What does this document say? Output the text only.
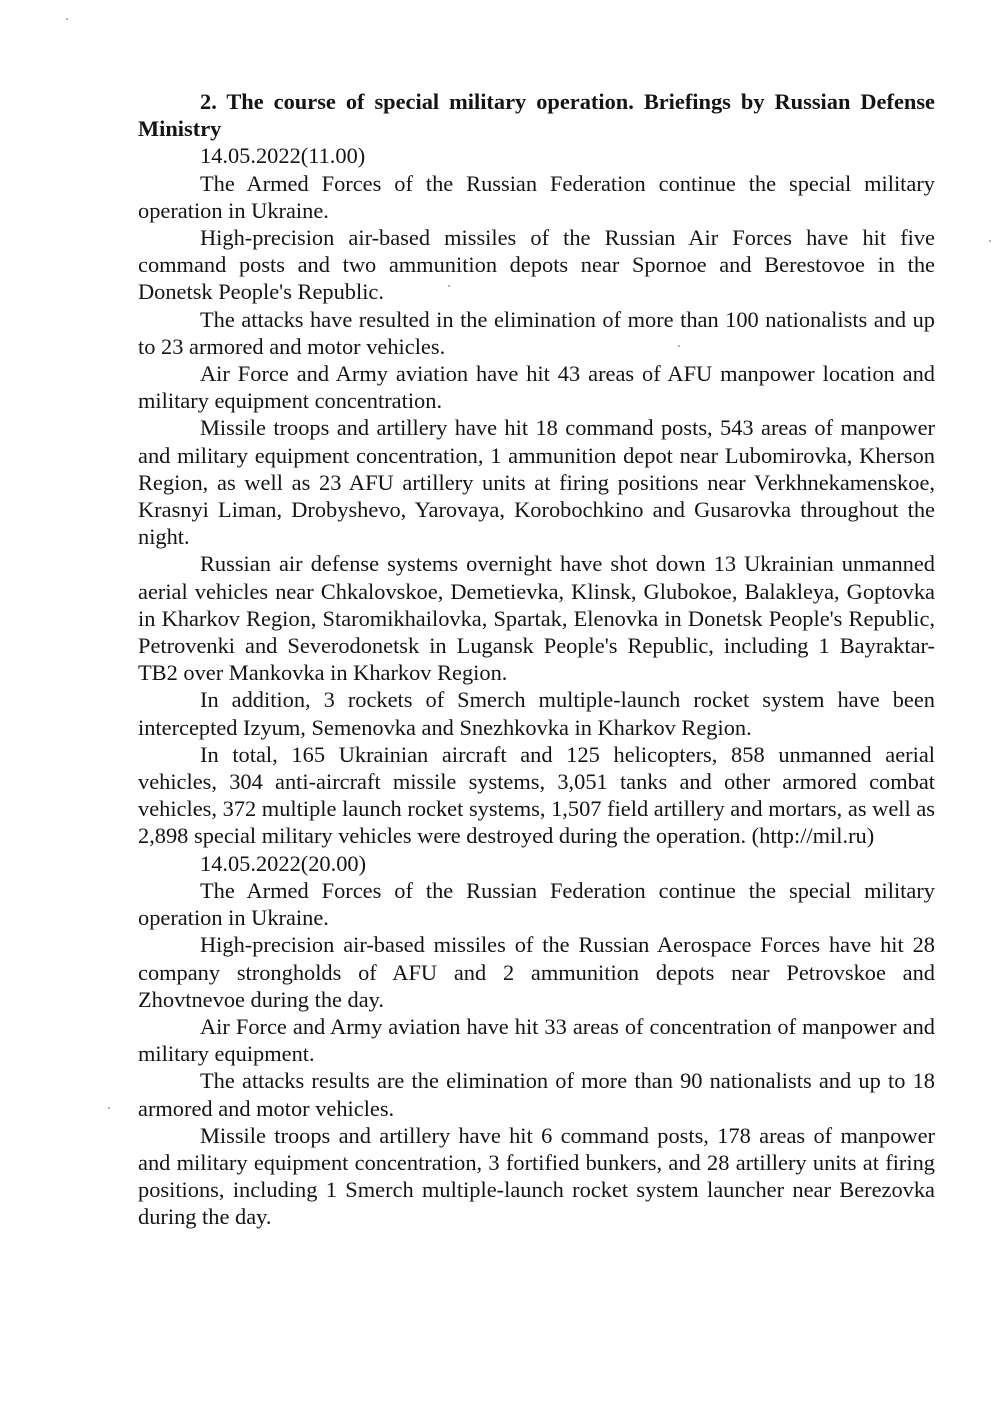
2. The course of special military operation. Briefings by Russian Defense Ministry

14.05.2022(11.00)

The Armed Forces of the Russian Federation continue the special military operation in Ukraine.

High-precision air-based missiles of the Russian Air Forces have hit five command posts and two ammunition depots near Spornoe and Berestovoe in the Donetsk People's Republic.

The attacks have resulted in the elimination of more than 100 nationalists and up to 23 armored and motor vehicles.

Air Force and Army aviation have hit 43 areas of AFU manpower location and military equipment concentration.

Missile troops and artillery have hit 18 command posts, 543 areas of manpower and military equipment concentration, 1 ammunition depot near Lubomirovka, Kherson Region, as well as 23 AFU artillery units at firing positions near Verkhnekamenskoe, Krasnyi Liman, Drobyshevo, Yarovaya, Korobochkino and Gusarovka throughout the night.

Russian air defense systems overnight have shot down 13 Ukrainian unmanned aerial vehicles near Chkalovskoe, Demetievka, Klinsk, Glubokoe, Balakleya, Goptovka in Kharkov Region, Staromikhailovka, Spartak, Elenovka in Donetsk People's Republic, Petrovenki and Severodonetsk in Lugansk People's Republic, including 1 Bayraktar-TB2 over Mankovka in Kharkov Region.

In addition, 3 rockets of Smerch multiple-launch rocket system have been intercepted Izyum, Semenovka and Snezhkovka in Kharkov Region.

In total, 165 Ukrainian aircraft and 125 helicopters, 858 unmanned aerial vehicles, 304 anti-aircraft missile systems, 3,051 tanks and other armored combat vehicles, 372 multiple launch rocket systems, 1,507 field artillery and mortars, as well as 2,898 special military vehicles were destroyed during the operation. (http://mil.ru)

14.05.2022(20.00)

The Armed Forces of the Russian Federation continue the special military operation in Ukraine.

High-precision air-based missiles of the Russian Aerospace Forces have hit 28 company strongholds of AFU and 2 ammunition depots near Petrovskoe and Zhovtnevoe during the day.

Air Force and Army aviation have hit 33 areas of concentration of manpower and military equipment.

The attacks results are the elimination of more than 90 nationalists and up to 18 armored and motor vehicles.

Missile troops and artillery have hit 6 command posts, 178 areas of manpower and military equipment concentration, 3 fortified bunkers, and 28 artillery units at firing positions, including 1 Smerch multiple-launch rocket system launcher near Berezovka during the day.
